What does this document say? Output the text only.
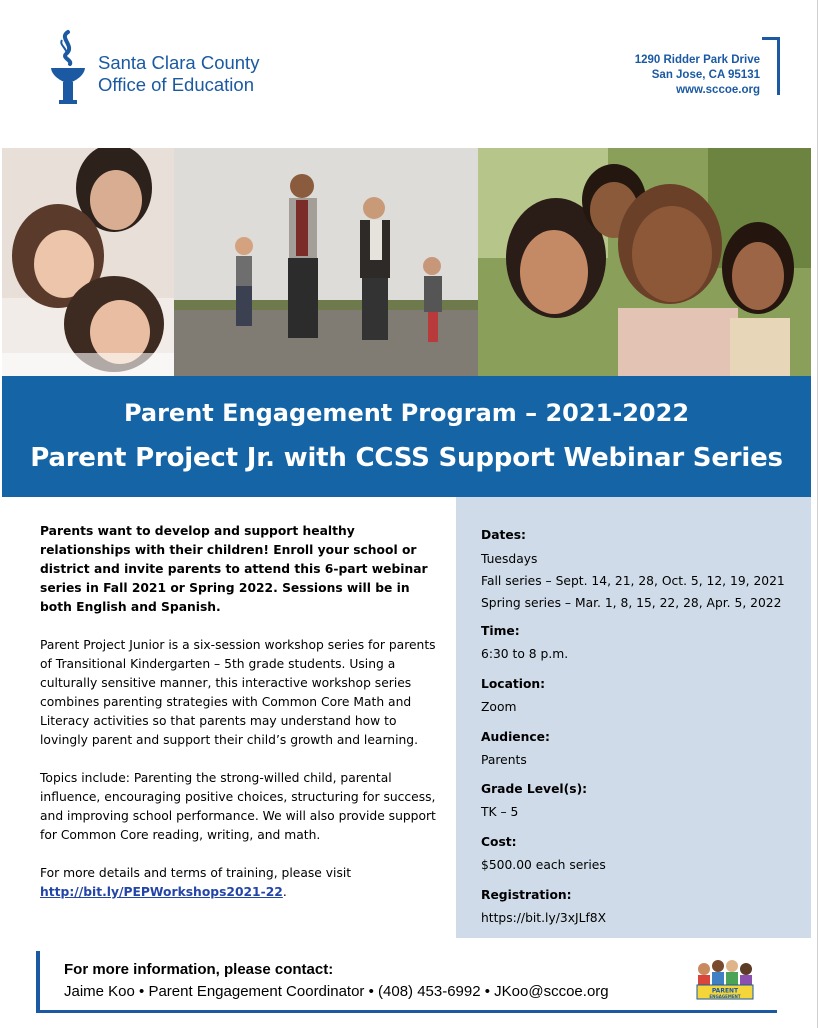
Santa Clara County
Office of Education
1290 Ridder Park Drive
San Jose, CA 95131
www.sccoe.org
Parent Engagement Program – 2021-2022
Parent Project Jr. with CCSS Support Webinar Series

Parents want to develop and support healthy relationships with their children! Enroll your school or district and invite parents to attend this 6-part webinar series in Fall 2021 or Spring 2022. Sessions will be in both English and Spanish.

Parent Project Junior is a six-session workshop series for parents of Transitional Kindergarten – 5th grade students. Using a culturally sensitive manner, this interactive workshop series combines parenting strategies with Common Core Math and Literacy activities so that parents may understand how to lovingly parent and support their child’s growth and learning.

Topics include: Parenting the strong-willed child, parental influence, encouraging positive choices, structuring for success, and improving school performance. We will also provide support for Common Core reading, writing, and math.

For more details and terms of training, please visit
http://bit.ly/PEPWorkshops2021-22.

Dates:
Tuesdays
Fall series – Sept. 14, 21, 28, Oct. 5, 12, 19, 2021
Spring series – Mar. 1, 8, 15, 22, 28, Apr. 5, 2022
Time:
6:30 to 8 p.m.
Location:
Zoom
Audience:
Parents
Grade Level(s):
TK – 5
Cost:
$500.00 each series
Registration:
https://bit.ly/3xJLf8X
For more information, please contact:
Jaime Koo • Parent Engagement Coordinator • (408) 453-6992 • JKoo@sccoe.org	PARENT
ENGAGEMENT
